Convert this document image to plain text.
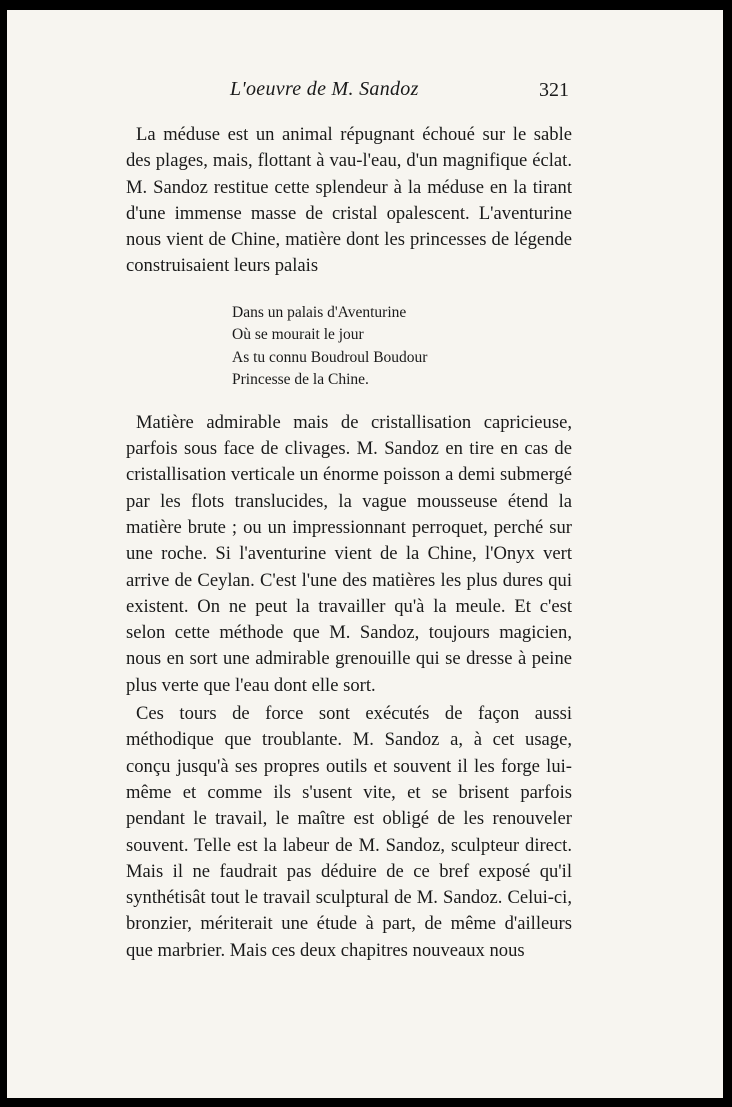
L'oeuvre de M. Sandoz	321

La méduse est un animal répugnant échoué sur le sable des plages, mais, flottant à vau-l'eau, d'un magnifique éclat. M. Sandoz restitue cette splendeur à la méduse en la tirant d'une immense masse de cristal opalescent. L'aventurine nous vient de Chine, matière dont les princesses de légende construisaient leurs palais

Dans un palais d'Aventurine
Où se mourait le jour
As tu connu Boudroul Boudour
Princesse de la Chine.

Matière admirable mais de cristallisation capricieuse, parfois sous face de clivages. M. Sandoz en tire en cas de cristallisation verticale un énorme poisson a demi submergé par les flots translucides, la vague mousseuse étend la matière brute ; ou un impressionnant perroquet, perché sur une roche. Si l'aventurine vient de la Chine, l'Onyx vert arrive de Ceylan. C'est l'une des matières les plus dures qui existent. On ne peut la travailler qu'à la meule. Et c'est selon cette méthode que M. Sandoz, toujours magicien, nous en sort une admirable grenouille qui se dresse à peine plus verte que l'eau dont elle sort.

Ces tours de force sont exécutés de façon aussi méthodique que troublante. M. Sandoz a, à cet usage, conçu jusqu'à ses propres outils et souvent il les forge lui-même et comme ils s'usent vite, et se brisent parfois pendant le travail, le maître est obligé de les renouveler souvent. Telle est la labeur de M. Sandoz, sculpteur direct. Mais il ne faudrait pas déduire de ce bref exposé qu'il synthétisât tout le travail sculptural de M. Sandoz. Celui-ci, bronzier, mériterait une étude à part, de même d'ailleurs que marbrier. Mais ces deux chapitres nouveaux nous
